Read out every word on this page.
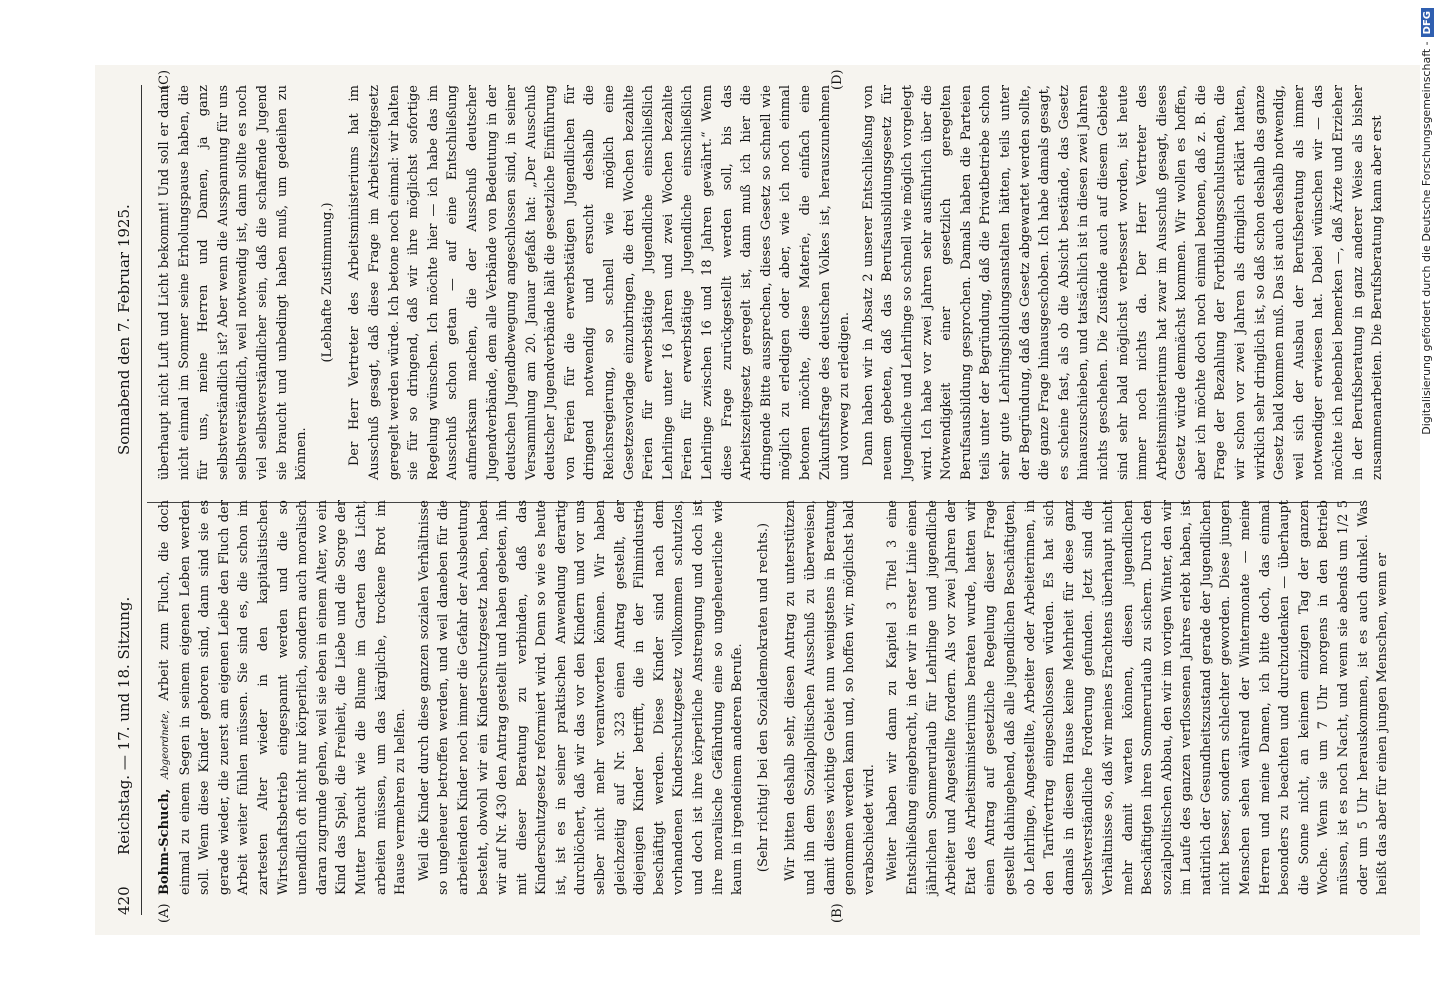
420
Reichstag. — 17. und 18. Sitzung.
Sonnabend den 7. Februar 1925.
(A)	(B)
(C)	(D)

Bohm-Schuch, Abgeordnete, Arbeit zum Fluch, die doch einmal zu einem Segen in seinem eigenen Leben werden soll. Wenn diese Kinder geboren sind, dann sind sie es gerade wieder, die zuerst am eigenen Leibe den Fluch der Arbeit weiter fühlen müssen. Sie sind es, die schon im zartesten Alter wieder in den kapitalistischen Wirtschaftsbetrieb eingespannt werden und die so unendlich oft nicht nur körperlich, sondern auch moralisch daran zugrunde gehen, weil sie eben in einem Alter, wo ein Kind das Spiel, die Freiheit, die Liebe und die Sorge der Mutter braucht wie die Blume im Garten das Licht, arbeiten müssen, um das kärgliche, trockene Brot im Hause vermehren zu helfen. Weil die Kinder durch diese ganzen sozialen Verhältnisse so ungeheuer betroffen werden, und weil daneben für die arbeitenden Kinder noch immer die Gefahr der Ausbeutung besteht, obwohl wir ein Kinderschutzgesetz haben, haben wir auf Nr. 430 den Antrag gestellt und haben gebeten, ihn mit dieser Beratung zu verbinden, daß das Kinderschutzgesetz reformiert wird. Denn so wie es heute ist, ist es in seiner praktischen Anwendung derartig durchlöchert, daß wir das vor den Kindern und vor uns selber nicht mehr verantworten können. Wir haben gleichzeitig auf Nr. 323 einen Antrag gestellt, der diejenigen Kinder betrifft, die in der Filmindustrie beschäftigt werden. Diese Kinder sind nach dem vorhandenen Kinderschutzgesetz vollkommen schutzlos, und doch ist ihre körperliche Anstrengung und doch ist ihre moralische Gefährdung eine so ungeheuerliche wie kaum in irgendeinem anderen Berufe. (Sehr richtig! bei den Sozialdemokraten und rechts.) Wir bitten deshalb sehr, diesen Antrag zu unterstützen und ihn dem Sozialpolitischen Ausschuß zu überweisen, damit dieses wichtige Gebiet nun wenigstens in Beratung genommen werden kann und, so hoffen wir, möglichst bald verabschiedet wird. Weiter haben wir dann zu Kapitel 3 Titel 3 eine Entschließung eingebracht, in der wir in erster Linie einen jährlichen Sommerurlaub für Lehrlinge und jugendliche Arbeiter und Angestellte fordern. Als vor zwei Jahren der Etat des Arbeitsministeriums beraten wurde, hatten wir einen Antrag auf gesetzliche Regelung dieser Frage gestellt dahingehend, daß alle jugendlichen Beschäftigten, ob Lehrlinge, Angestellte, Arbeiter oder Arbeiterinnen, in den Tarifvertrag eingeschlossen würden. Es hat sich damals in diesem Hause keine Mehrheit für diese ganz selbstverständliche Forderung gefunden. Jetzt sind die Verhältnisse so, daß wir meines Erachtens überhaupt nicht mehr damit warten können, diesen jugendlichen Beschäftigten ihren Sommerurlaub zu sichern. Durch den sozialpolitischen Abbau, den wir im vorigen Winter, den wir im Laufe des ganzen verflossenen Jahres erlebt haben, ist natürlich der Gesundheitszustand gerade der Jugendlichen nicht besser, sondern schlechter geworden. Diese jungen Menschen sehen während der Wintermonate — meine Herren und meine Damen, ich bitte doch, das einmal besonders zu beachten und durchzudenken — überhaupt die Sonne nicht, an keinem einzigen Tag der ganzen Woche. Wenn sie um 7 Uhr morgens in den Betrieb müssen, ist es noch Nacht, und wenn sie abends um 1/2 5 oder um 5 Uhr herauskommen, ist es auch dunkel. Was heißt das aber für einen jungen Menschen, wenn er

überhaupt nicht Luft und Licht bekommt! Und soll er dann nicht einmal im Sommer seine Erholungspause haben, die für uns, meine Herren und Damen, ja ganz selbstverständlich ist? Aber wenn die Ausspannung für uns selbstverständlich, weil notwendig ist, dann sollte es noch viel selbstverständlicher sein, daß die schaffende Jugend sie braucht und unbedingt haben muß, um gedeihen zu können.

(Lebhafte Zustimmung.) Der Herr Vertreter des Arbeitsministeriums hat im Ausschuß gesagt, daß diese Frage im Arbeitszeitgesetz geregelt werden würde. Ich betone noch einmal: wir halten sie für so dringend, daß wir ihre möglichst sofortige Regelung wünschen. Ich möchte hier — ich habe das im Ausschuß schon getan — auf eine Entschließung aufmerksam machen, die der Ausschuß deutscher Jugendverbände, dem alle Verbände von Bedeutung in der deutschen Jugendbewegung angeschlossen sind, in seiner Versammlung am 20. Januar gefaßt hat: „Der Ausschuß deutscher Jugendverbände hält die gesetzliche Einführung von Ferien für die erwerbstätigen Jugendlichen für dringend notwendig und ersucht deshalb die Reichsregierung, so schnell wie möglich eine Gesetzesvorlage einzubringen, die drei Wochen bezahlte Ferien für erwerbstätige Jugendliche einschließlich Lehrlinge unter 16 Jahren und zwei Wochen bezahlte Ferien für erwerbstätige Jugendliche einschließlich Lehrlinge zwischen 16 und 18 Jahren gewährt.“ Wenn diese Frage zurückgestellt werden soll, bis das Arbeitszeitgesetz geregelt ist, dann muß ich hier die dringende Bitte aussprechen, dieses Gesetz so schnell wie möglich zu erledigen oder aber, wie ich noch einmal betonen möchte, diese Materie, die einfach eine Zukunftsfrage des deutschen Volkes ist, herauszunehmen und vorweg zu erledigen. Dann haben wir in Absatz 2 unserer Entschließung von neuem gebeten, daß das Berufsausbildungsgesetz für Jugendliche und Lehrlinge so schnell wie möglich vorgelegt wird. Ich habe vor zwei Jahren sehr ausführlich über die Notwendigkeit einer gesetzlich geregelten Berufsausbildung gesprochen. Damals haben die Parteien teils unter der Begründung, daß die Privatbetriebe schon sehr gute Lehrlingsbildungsanstalten hätten, teils unter der Begründung, daß das Gesetz abgewartet werden sollte, die ganze Frage hinausgeschoben. Ich habe damals gesagt, es scheine fast, als ob die Absicht bestände, das Gesetz hinauszuschieben, und tatsächlich ist in diesen zwei Jahren nichts geschehen. Die Zustände auch auf diesem Gebiete sind sehr bald möglichst verbessert worden, ist heute immer noch nichts da. Der Herr Vertreter des Arbeitsministeriums hat zwar im Ausschuß gesagt, dieses Gesetz würde demnächst kommen. Wir wollen es hoffen, aber ich möchte doch noch einmal betonen, daß z. B. die Frage der Bezahlung der Fortbildungsschulstunden, die wir schon vor zwei Jahren als dringlich erklärt hatten, wirklich sehr dringlich ist, so daß schon deshalb das ganze Gesetz bald kommen muß. Das ist auch deshalb notwendig, weil sich der Ausbau der Berufsberatung als immer notwendiger erwiesen hat. Dabei wünschen wir — das möchte ich nebenbei bemerken —, daß Ärzte und Erzieher in der Berufsberatung in ganz anderer Weise als bisher zusammenarbeiten. Die Berufsberatung kann aber erst	Digitalisierung gefördert durch die Deutsche Forschungsgemeinschaft -DFG
